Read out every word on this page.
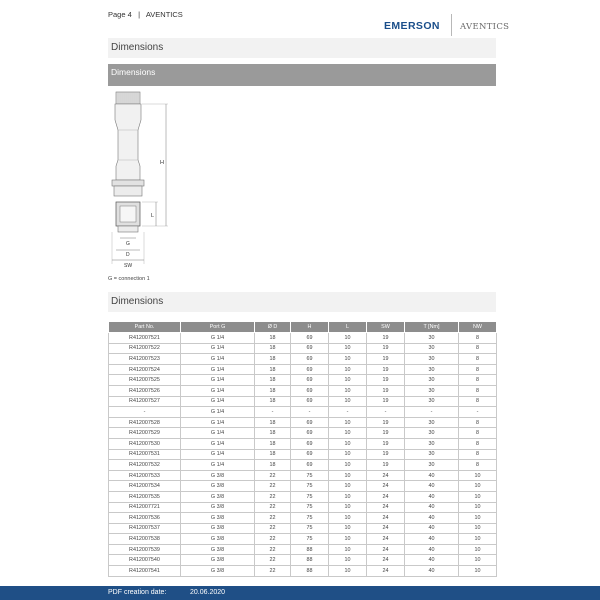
Page 4 | AVENTICS
EMERSON AVENTICS
Dimensions
Dimensions
H
L
G
D
SW
G = connection 1
Dimensions
Part No.	Port G	Ø D	H	L	SW	T [Nm]	NW
R412007521	G 1/4	18	69	10	19	30	8
R412007522	G 1/4	18	69	10	19	30	8
R412007523	G 1/4	18	69	10	19	30	8
R412007524	G 1/4	18	69	10	19	30	8
R412007525	G 1/4	18	69	10	19	30	8
R412007526	G 1/4	18	69	10	19	30	8
R412007527	G 1/4	18	69	10	19	30	8
-	G 1/4	-	-	-	-	-	-
R412007528	G 1/4	18	69	10	19	30	8
R412007529	G 1/4	18	69	10	19	30	8
R412007530	G 1/4	18	69	10	19	30	8
R412007531	G 1/4	18	69	10	19	30	8
R412007532	G 1/4	18	69	10	19	30	8
R412007533	G 3/8	22	75	10	24	40	10
R412007534	G 3/8	22	75	10	24	40	10
R412007535	G 3/8	22	75	10	24	40	10
R412007721	G 3/8	22	75	10	24	40	10
R412007536	G 3/8	22	75	10	24	40	10
R412007537	G 3/8	22	75	10	24	40	10
R412007538	G 3/8	22	75	10	24	40	10
R412007539	G 3/8	22	88	10	24	40	10
R412007540	G 3/8	22	88	10	24	40	10
R412007541	G 3/8	22	88	10	24	40	10
PDF creation date:	20.06.2020
